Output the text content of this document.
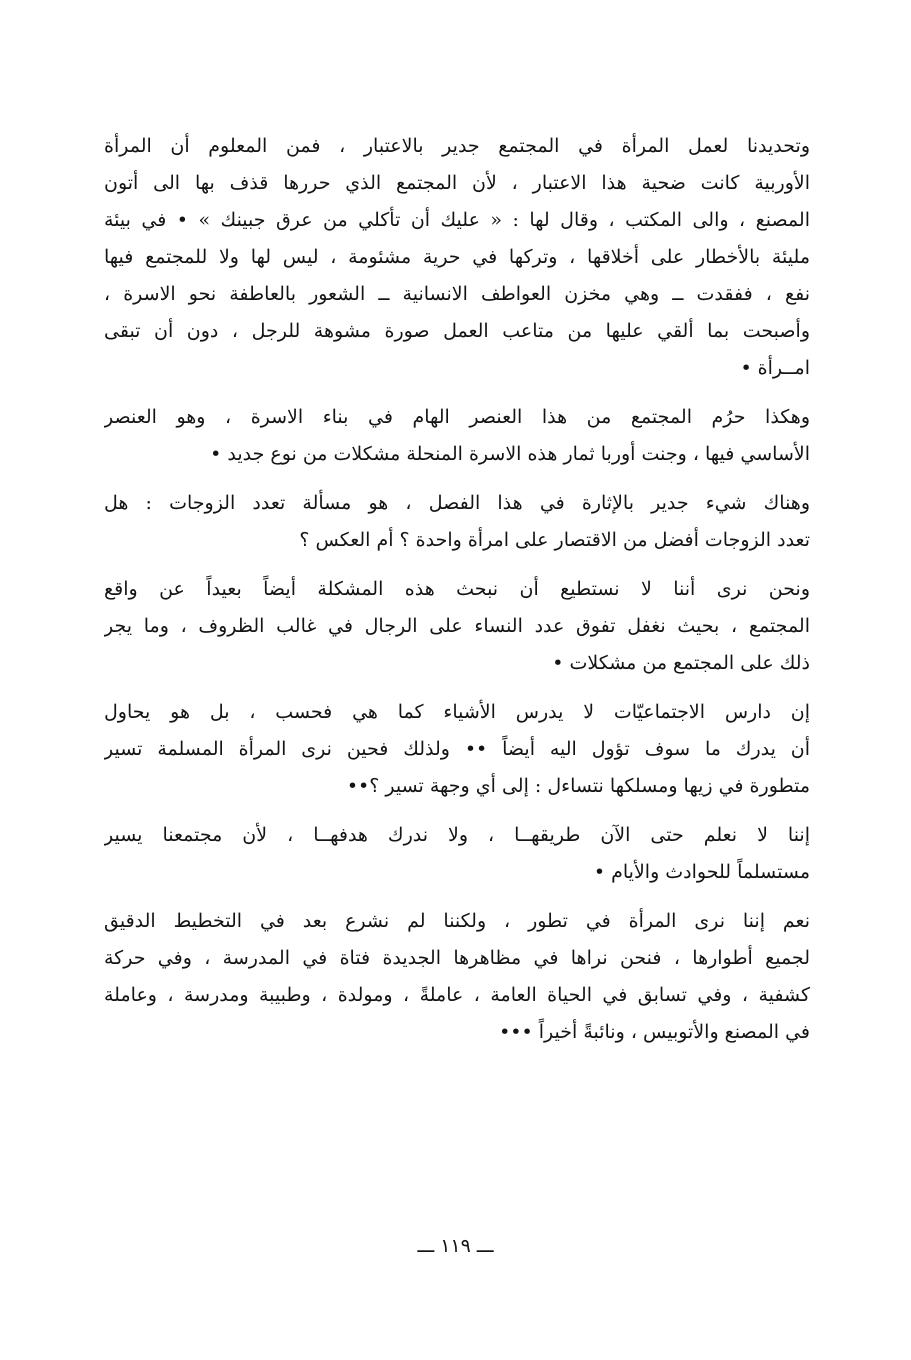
وتحديدنا لعمل المرأة في المجتمع جدير بالاعتبار ، فمن المعلوم أن المرأة
الأوربية كانت ضحية هذا الاعتبار ، لأن المجتمع الذي حررها قذف بها الى أتون
المصنع ، والى المكتب ، وقال لها : « عليك أن تأكلي من عرق جبينك » • في بيئة
مليئة بالأخطار على أخلاقها ، وتركها في حرية مشئومة ، ليس لها ولا للمجتمع فيها
نفع ، ففقدت ــ وهي مخزن العواطف الانسانية ــ الشعور بالعاطفة نحو الاسرة ،
وأصبحت بما ألقي عليها من متاعب العمل صورة مشوهة للرجل ، دون أن تبقى
امــرأة •
وهكذا حرُم المجتمع من هذا العنصر الهام في بناء الاسرة ، وهو العنصر
الأساسي فيها ، وجنت أوربا ثمار هذه الاسرة المنحلة مشكلات من نوع جديد •
وهناك شيء جدير بالإثارة في هذا الفصل ، هو مسألة تعدد الزوجات : هل
تعدد الزوجات أفضل من الاقتصار على امرأة واحدة ؟ أم العكس ؟
ونحن نرى أننا لا نستطيع أن نبحث هذه المشكلة أيضاً بعيداً عن واقع
المجتمع ، بحيث نغفل تفوق عدد النساء على الرجال في غالب الظروف ، وما يجر
ذلك على المجتمع من مشكلات •
إن دارس الاجتماعيّات لا يدرس الأشياء كما هي فحسب ، بل هو يحاول
أن يدرك ما سوف تؤول اليه أيضاً •• ولذلك فحين نرى المرأة المسلمة تسير
متطورة في زيها ومسلكها نتساءل : إلى أي وجهة تسير ؟••
إننا لا نعلم حتى الآن طريقهــا ، ولا ندرك هدفهــا ، لأن مجتمعنا يسير
مستسلماً للحوادث والأيام •
نعم إننا نرى المرأة في تطور ، ولكننا لم نشرع بعد في التخطيط الدقيق
لجميع أطوارها ، فنحن نراها في مظاهرها الجديدة فتاة في المدرسة ، وفي حركة
كشفية ، وفي تسابق في الحياة العامة ، عاملةً ، ومولدة ، وطبيبة ومدرسة ، وعاملة
في المصنع والأتوبيس ، ونائبةً أخيراً •••
ـــ ١١٩ ـــ
